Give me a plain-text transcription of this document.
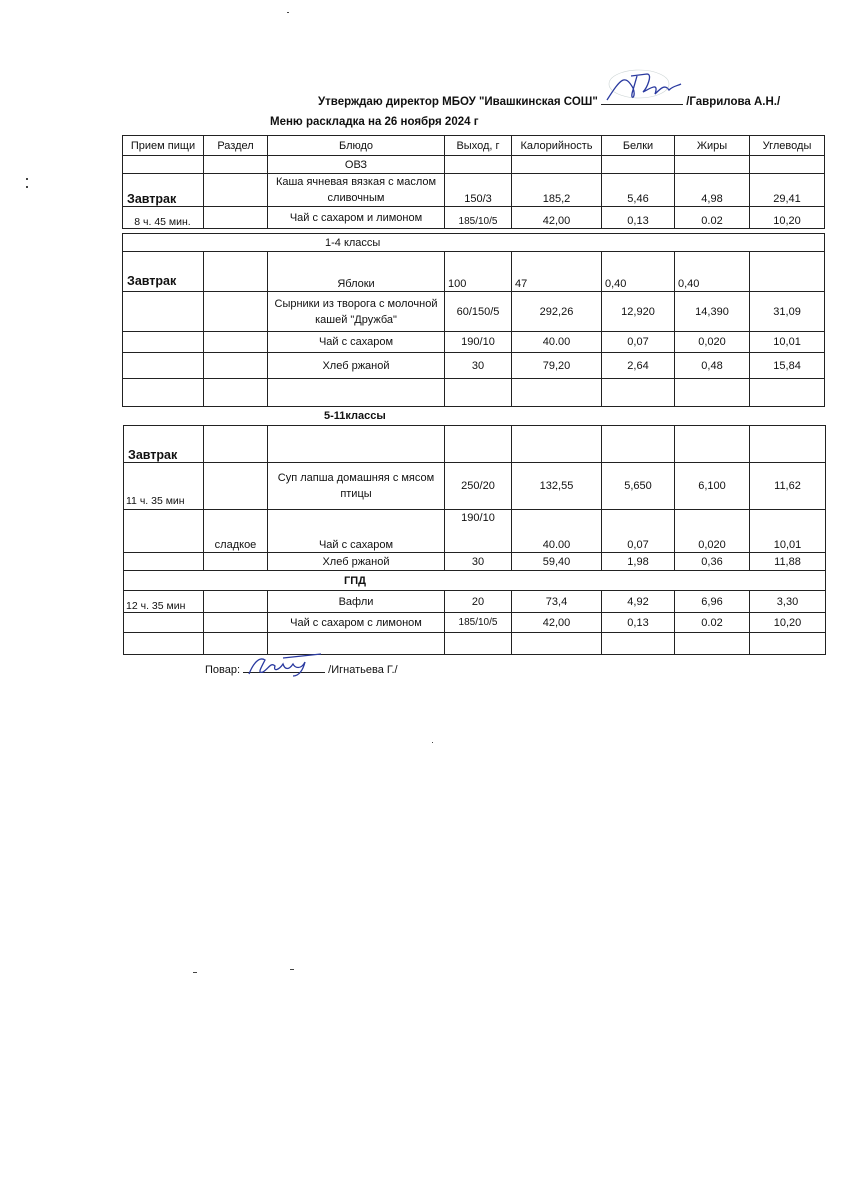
Утверждаю директор МБОУ "Ивашкинская СОШ"	/Гаврилова А.Н./
Меню раскладка на 26 ноября 2024 г
Прием пищи	Раздел	Блюдо	Выход, г	Калорийность	Белки	Жиры	Углеводы
		ОВЗ					
Завтрак		Каша ячневая вязкая с маслом сливочным	150/3	185,2	5,46	4,98	29,41
8 ч. 45 мин.		Чай с сахаром и лимоном	185/10/5	42,00	0,13	0.02	10,20
1-4 классы							
Завтрак		Яблоки	100	47	0,40	0,40	
		Сырники из творога с молочной кашей "Дружба"	60/150/5	292,26	12,920	14,390	31,09
		Чай с сахаром	190/10	40.00	0,07	0,020	10,01
		Хлеб ржаной	30	79,20	2,64	0,48	15,84

5-11классы
Завтрак							
11 ч. 35 мин		Суп лапша домашняя с мясом птицы	250/20	132,55	5,650	6,100	11,62
	сладкое	Чай с сахаром	190/10	40.00	0,07	0,020	10,01
		Хлеб ржаной	30	59,40	1,98	0,36	11,88
ГПД							
12 ч. 35 мин		Вафли	20	73,4	4,92	6,96	3,30
		Чай с сахаром с лимоном	185/10/5	42,00	0,13	0.02	10,20

Повар:	/Игнатьева Г./
